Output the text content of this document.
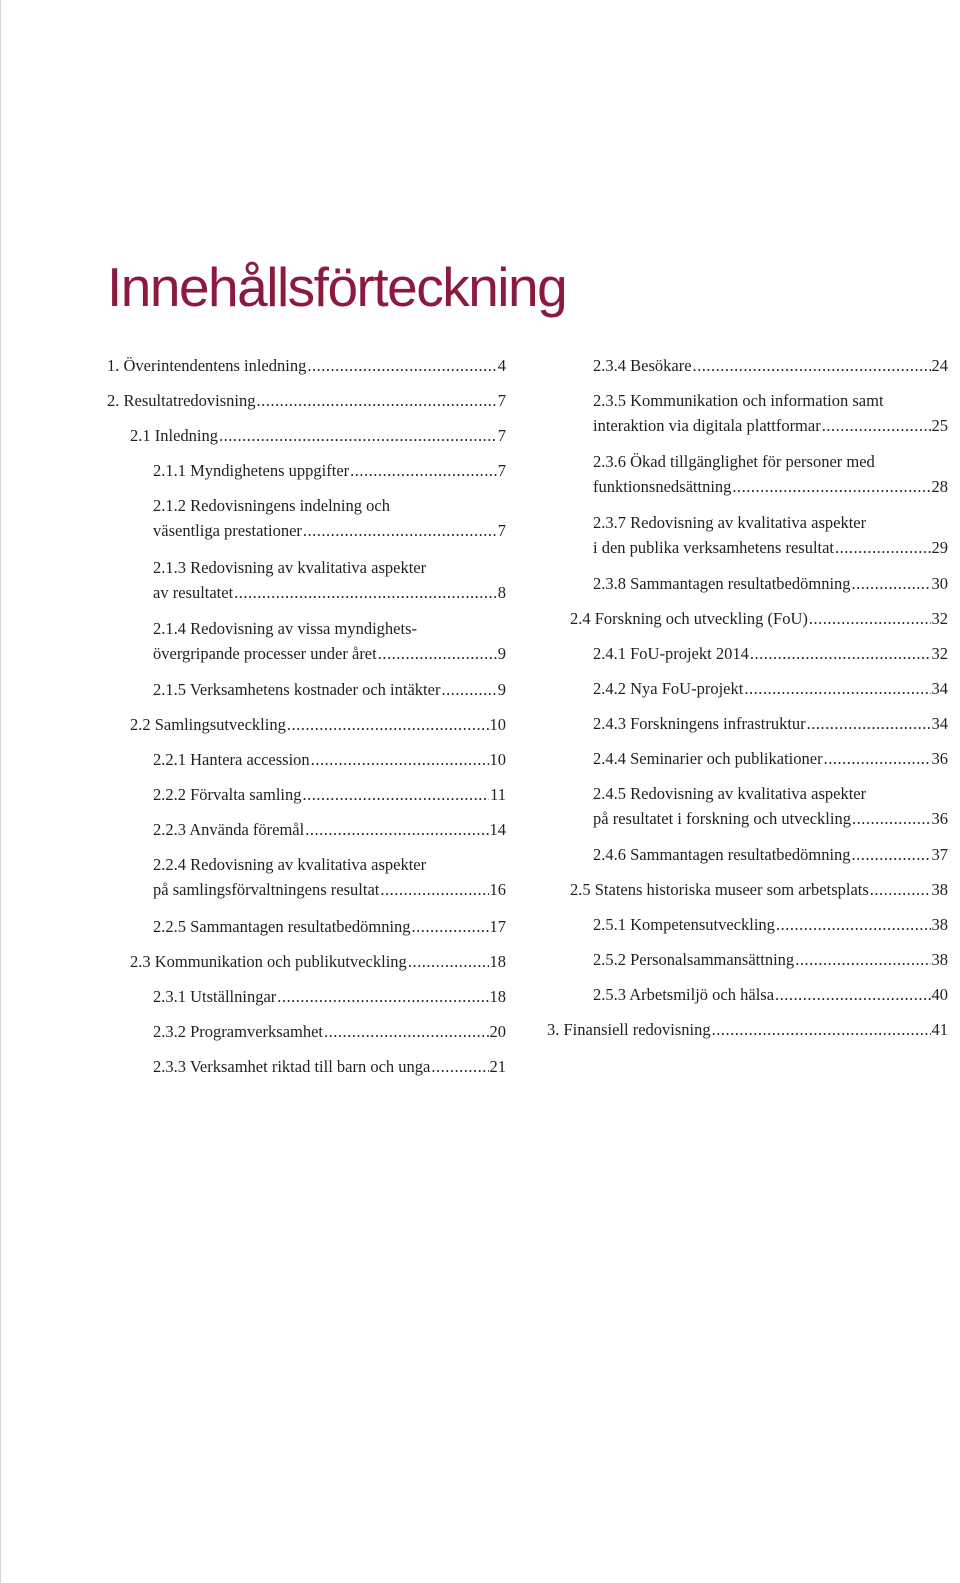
Innehållsförteckning
1. Överintendentens inledning .....	4
2. Resultatredovisning .....	7
2.1 Inledning .....	7
2.1.1 Myndighetens uppgifter .....	7
2.1.2 Redovisningens indelning och
väsentliga prestationer .....	7
2.1.3 Redovisning av kvalitativa aspekter
av resultatet .....	8
2.1.4 Redovisning av vissa myndighets-
övergripande processer under året .....	9
2.1.5 Verksamhetens kostnader och intäkter .....	9
2.2 Samlingsutveckling .....	10
2.2.1 Hantera accession .....	10
2.2.2 Förvalta samling .....	11
2.2.3 Använda föremål .....	14
2.2.4 Redovisning av kvalitativa aspekter
på samlingsförvaltningens resultat .....	16
2.2.5 Sammantagen resultatbedömning .....	17
2.3 Kommunikation och publikutveckling .....	18
2.3.1 Utställningar .....	18
2.3.2 Programverksamhet .....	20
2.3.3 Verksamhet riktad till barn och unga .....	21
2.3.4 Besökare .....	24
2.3.5 Kommunikation och information samt
interaktion via digitala plattformar .....	25
2.3.6 Ökad tillgänglighet för personer med
funktionsnedsättning .....	28
2.3.7 Redovisning av kvalitativa aspekter
i den publika verksamhetens resultat .....	29
2.3.8 Sammantagen resultatbedömning .....	30
2.4 Forskning och utveckling (FoU) .....	32
2.4.1 FoU-projekt 2014 .....	32
2.4.2 Nya FoU-projekt .....	34
2.4.3 Forskningens infrastruktur .....	34
2.4.4 Seminarier och publikationer .....	36
2.4.5 Redovisning av kvalitativa aspekter
på resultatet i forskning och utveckling .....	36
2.4.6 Sammantagen resultatbedömning .....	37
2.5 Statens historiska museer som arbetsplats .....	38
2.5.1 Kompetensutveckling .....	38
2.5.2 Personalsammansättning .....	38
2.5.3 Arbetsmiljö och hälsa .....	40
3. Finansiell redovisning .....	41
